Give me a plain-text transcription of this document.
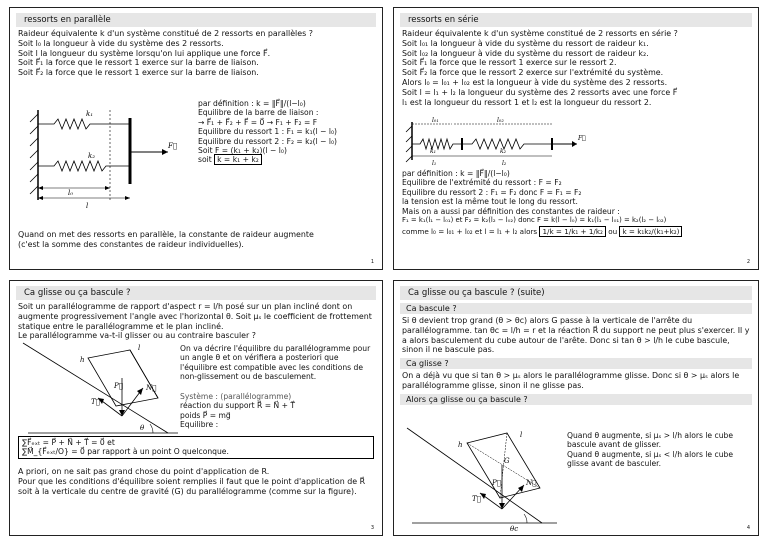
ressorts en parallèle
Raideur équivalente k d'un système constitué de 2 ressorts en parallèles ?
Soit l₀ la longueur à vide du système des 2 ressorts.
Soit l la longueur du système lorsqu'on lui applique une force F⃗.
Soit F⃗₁ la force que le ressort 1 exerce sur la barre de liaison.
Soit F⃗₂ la force que le ressort 1 exerce sur la barre de liaison.
k₁
k₂
l₀
l
F⃗
par définition : k = ‖F⃗‖/(l−l₀)
Equilibre de la barre de liaison :
→ F⃗₁ + F⃗₂ + F⃗ = 0⃗ → F₁ + F₂ = F
Equilibre du ressort 1 : F₁ = k₁(l − l₀)
Equilibre du ressort 2 : F₂ = k₂(l − l₀)
Soit F = (k₁ + k₂)(l − l₀)
soit k = k₁ + k₂
Quand on met des ressorts en parallèle, la constante de raideur augmente
(c'est la somme des constantes de raideur individuelles).
1
ressorts en série
Raideur équivalente k d'un système constitué de 2 ressorts en série ?
Soit l₀₁ la longueur à vide du système du ressort de raideur k₁.
Soit l₀₂ la longueur à vide du système du ressort de raideur k₂.
Soit F⃗₁ la force que le ressort 1 exerce sur le ressort 2.
Soit F⃗₂ la force que le ressort 2 exerce sur l'extrémité du système.
Alors l₀ = l₀₁ + l₀₂ est la longueur à vide du système des 2 ressorts.
Soit l = l₁ + l₂ la longueur du système des 2 ressorts avec une force F⃗
l₁ est la longueur du ressort 1 et l₂ est la longueur du ressort 2.
l₀₁	l₀₂
k₁	k₂
l₁	l₂
F⃗
par définition : k = ‖F⃗‖/(l−l₀)
Equilibre de l'extrémité du ressort : F = F₂
Equilibre du ressort 2 : F₁ = F₂ donc F = F₁ = F₂
la tension est la même tout le long du ressort.
Mais on a aussi par définition des constantes de raideur :
F₁ = k₁(l₁ − l₀₁) et F₂ = k₂(l₂ − l₀₂) donc F = k(l − l₀) = k₁(l₁ − l₀₁) = k₂(l₂ − l₀₂)
comme l₀ = l₀₁ + l₀₂ et l = l₁ + l₂ alors 1/k = 1/k₁ + 1/k₂ ou k = k₁k₂/(k₁+k₂)
2
Ca glisse ou ça bascule ?
Soit un parallélogramme de rapport d'aspect r = l/h posé sur un plan incliné dont on augmente progressivement l'angle avec l'horizontal θ. Soit μₛ le coefficient de frottement statique entre le parallélogramme et le plan incliné.
Le parallélogramme va-t-il glisser ou au contraire basculer ?
h
l
P⃗	N⃗
T⃗
θ
On va décrire l'équilibre du parallélogramme pour un angle θ et on vérifiera a posteriori que l'équilibre est compatible avec les conditions de non-glissement ou de basculement.
Système : (parallélogramme)
réaction du support R⃗ = N⃗ + T⃗
poids P⃗ = mg⃗
Equilibre :
∑F⃗ₑₓₜ = P⃗ + N⃗ + T⃗ = 0⃗ et
∑M⃗_{F⃗ₑₓₜ/O} = 0⃗ par rapport à un point O quelconque.
A priori, on ne sait pas grand chose du point d'application de R.
Pour que les conditions d'équilibre soient remplies il faut que le point d'application de R⃗ soit à la verticale du centre de gravité (G) du parallélogramme (comme sur la figure).
3
Ca glisse ou ça bascule ? (suite)
Ca bascule ?
Si θ devient trop grand (θ > θc) alors G passe à la verticale de l'arrête du parallélogramme. tan θc = l/h = r et la réaction R⃗ du support ne peut plus s'exercer. Il y a alors basculement du cube autour de l'arête. Donc si tan θ > l/h le cube bascule, sinon il ne bascule pas.
Ca glisse ?
On a déjà vu que si tan θ > μₛ alors le parallélogramme glisse. Donc si θ > μₛ alors le parallélogramme glisse, sinon il ne glisse pas.
Alors ça glisse ou ça bascule ?
h
l
G
P⃗	N⃗
T⃗
θc
Quand θ augmente, si μₛ > l/h alors le cube bascule avant de glisser.
Quand θ augmente, si μₛ < l/h alors le cube glisse avant de basculer.
4
